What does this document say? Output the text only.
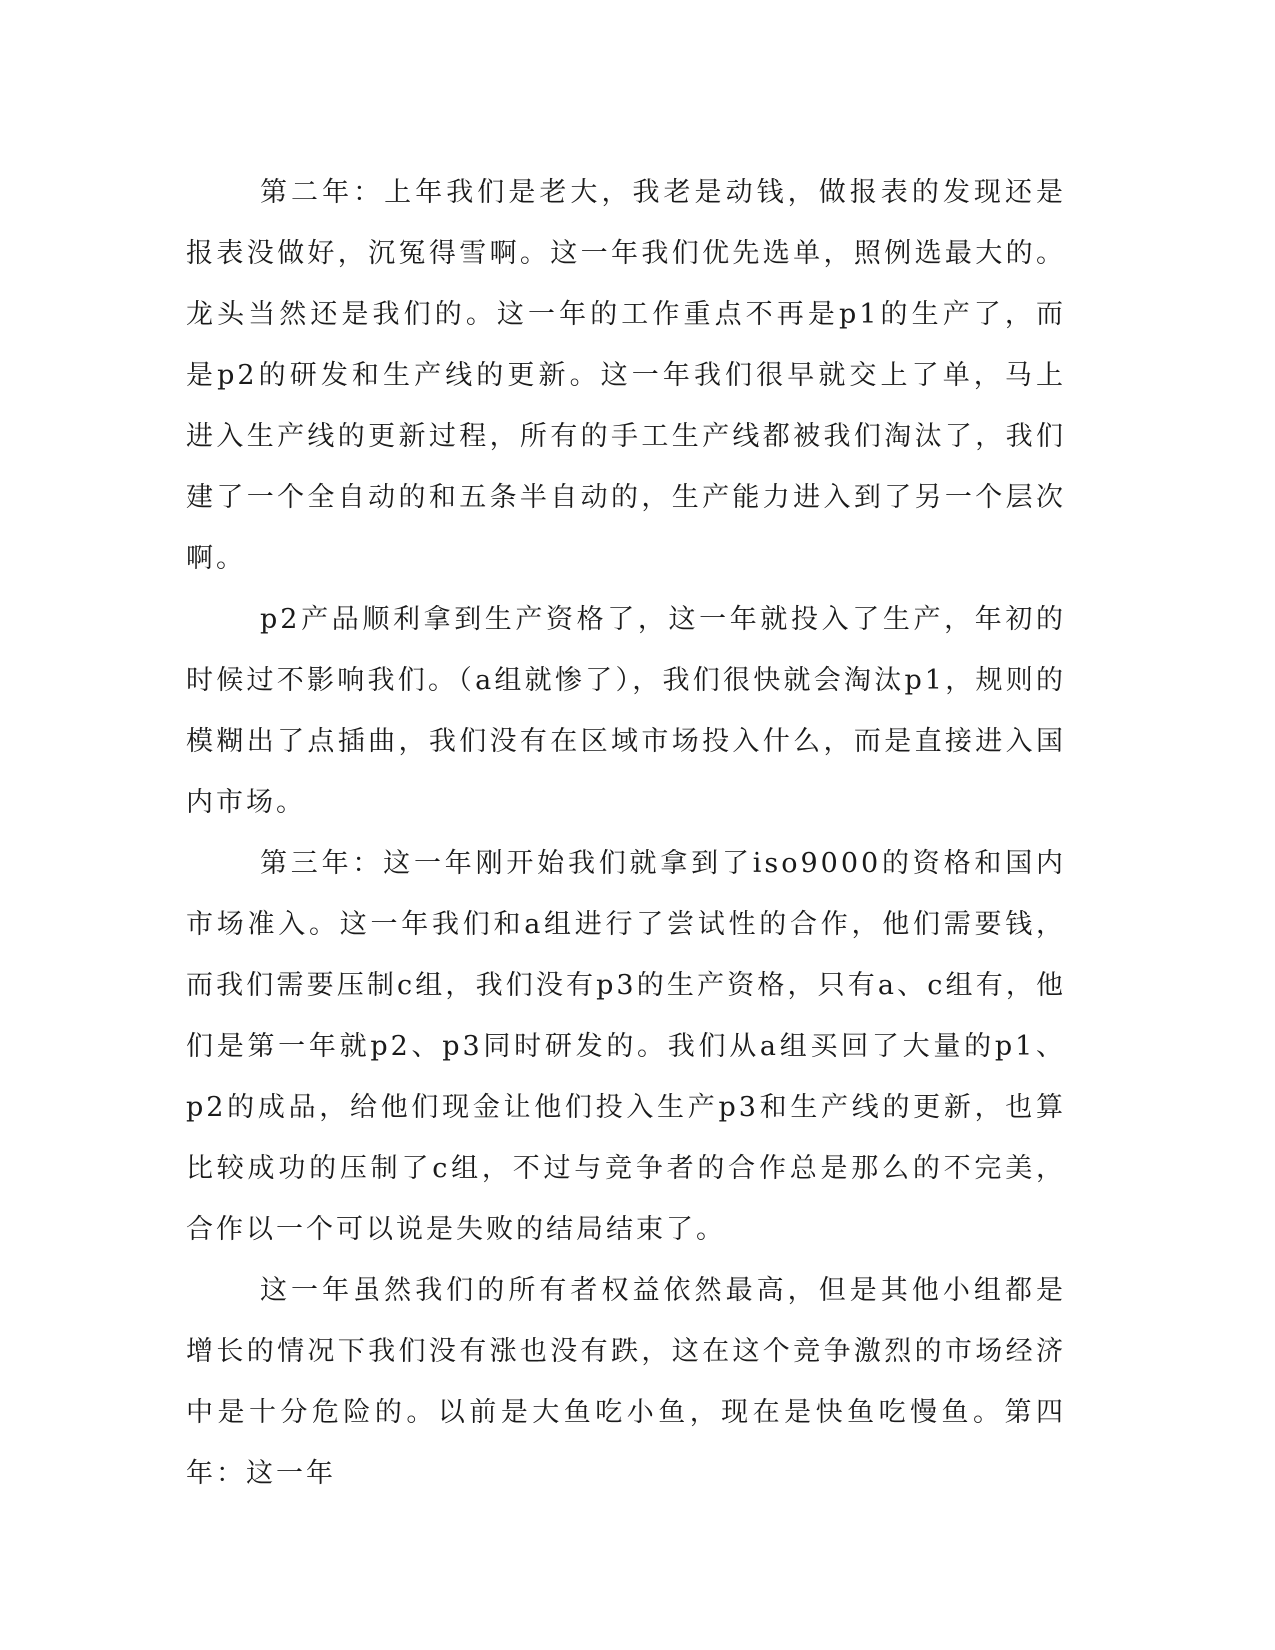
第二年：上年我们是老大，我老是动钱，做报表的发现还是报表没做好，沉冤得雪啊。这一年我们优先选单，照例选最大的。龙头当然还是我们的。这一年的工作重点不再是p1的生产了，而是p2的研发和生产线的更新。这一年我们很早就交上了单，马上进入生产线的更新过程，所有的手工生产线都被我们淘汰了，我们建了一个全自动的和五条半自动的，生产能力进入到了另一个层次啊。

p2产品顺利拿到生产资格了，这一年就投入了生产，年初的时候过不影响我们。（a组就惨了），我们很快就会淘汰p1，规则的模糊出了点插曲，我们没有在区域市场投入什么，而是直接进入国内市场。

第三年：这一年刚开始我们就拿到了iso9000的资格和国内市场准入。这一年我们和a组进行了尝试性的合作，他们需要钱，而我们需要压制c组，我们没有p3的生产资格，只有a、c组有，他们是第一年就p2、p3同时研发的。我们从a组买回了大量的p1、p2的成品，给他们现金让他们投入生产p3和生产线的更新，也算比较成功的压制了c组，不过与竞争者的合作总是那么的不完美，合作以一个可以说是失败的结局结束了。

这一年虽然我们的所有者权益依然最高，但是其他小组都是增长的情况下我们没有涨也没有跌，这在这个竞争激烈的市场经济中是十分危险的。以前是大鱼吃小鱼，现在是快鱼吃慢鱼。第四年：这一年
